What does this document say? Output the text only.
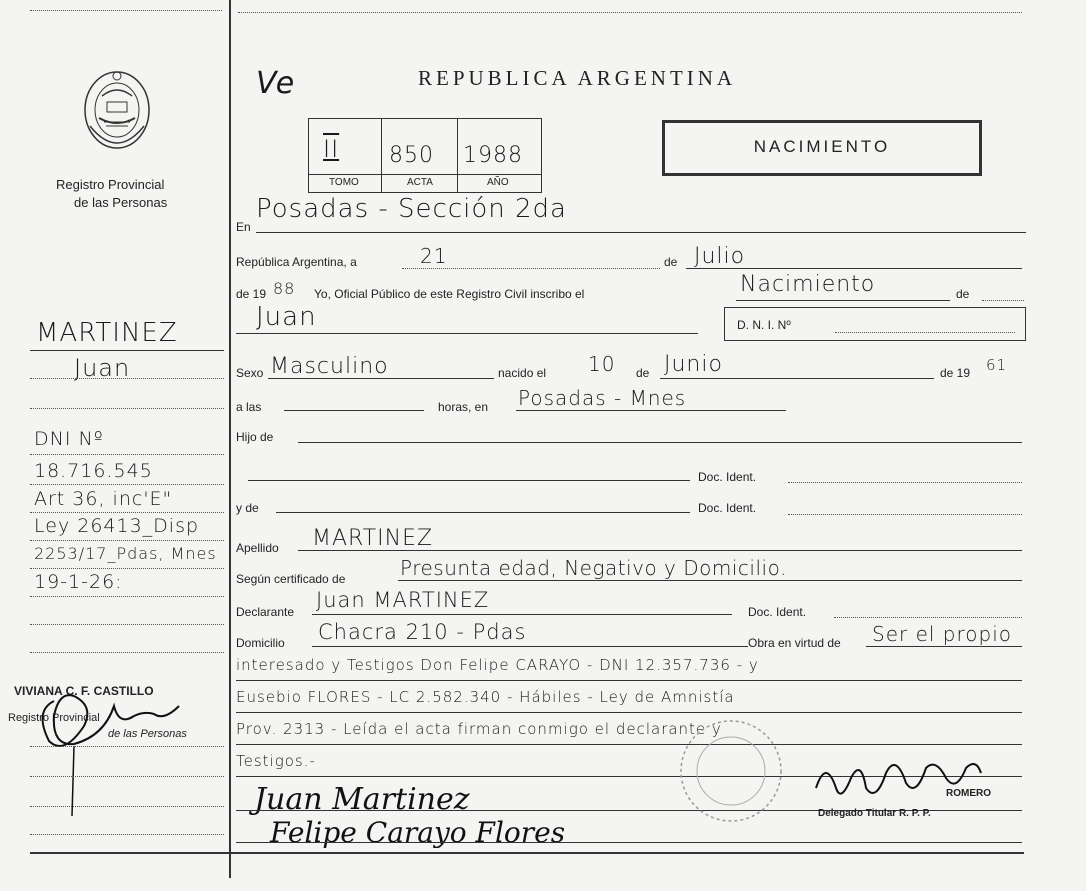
Registro Provincial
de las Personas
MARTINEZ
Juan
DNI Nº
18.716.545
Art 36, inc'E"
Ley 26413_Disp
2253/17_Pdas, Mnes
19-1-26:
VIVIANA C. F. CASTILLO
Registro Provincial
de las Personas
Ve	REPUBLICA ARGENTINA
II 850 1988
TOMO	ACTA	AÑO
NACIMIENTO
En
Posadas - Sección 2da
República Argentina, a	21	de Julio
de 19 88 Yo, Oficial Público de este Registro Civil inscribo el	Nacimiento	de
Juan	D. N. I. Nº
Sexo Masculino	nacido el 10 de Junio	de 19 61
a las	horas, en Posadas - Mnes
Hijo de
Doc. Ident.
y de	Doc. Ident.
Apellido MARTINEZ
Según certificado de	Presunta edad, Negativo y Domicilio.
Declarante Juan MARTINEZ	Doc. Ident.
Domicilio Chacra 210 - Pdas	Obra en virtud de Ser el propio
interesado y Testigos Don Felipe CARAYO - DNI 12.357.736 - y
Eusebio FLORES - LC 2.582.340 - Hábiles - Ley de Amnistía
Prov. 2313 - Leída el acta firman conmigo el declarante y
Testigos.-
Juan Martinez
Felipe Carayo Flores
ROMERO
Delegado Titular R. P. P.
